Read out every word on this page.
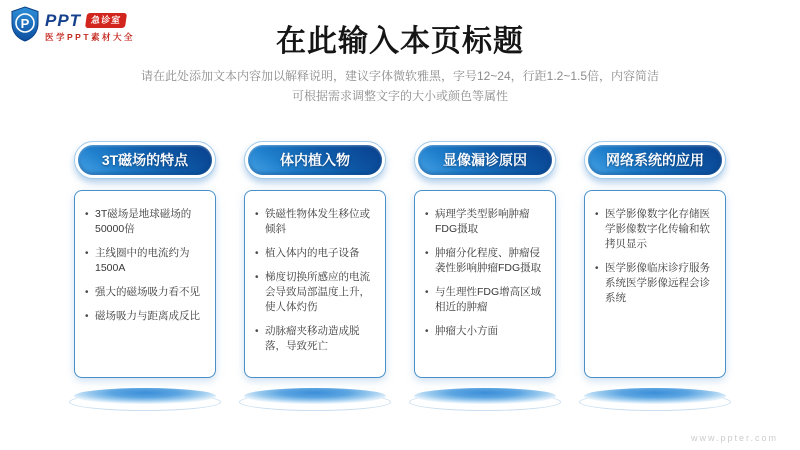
P PPT	急诊室
医学PPT素材大全	在此输入本页标题
请在此处添加文本内容加以解释说明，建议字体微软雅黑，字号12~24，行距1.2~1.5倍，内容简洁
可根据需求调整文字的大小或颜色等属性
3T磁场的特点
• 3T磁场是地球磁场的50000倍
• 主线圈中的电流约为1500A
• 强大的磁场吸力看不见
• 磁场吸力与距离成反比
体内植入物
• 铁磁性物体发生移位或倾斜
• 植入体内的电子设备
• 梯度切换所感应的电流会导致局部温度上升，使人体灼伤
• 动脉瘤夹移动造成脱落，导致死亡
显像漏诊原因
• 病理学类型影响肿瘤FDG摄取
• 肿瘤分化程度、肿瘤侵袭性影响肿瘤FDG摄取
• 与生理性FDG增高区域相近的肿瘤
• 肿瘤大小方面
网络系统的应用
• 医学影像数字化存储医学影像数字化传输和软拷贝显示
• 医学影像临床诊疗服务系统医学影像远程会诊系统
www.ppter.com
